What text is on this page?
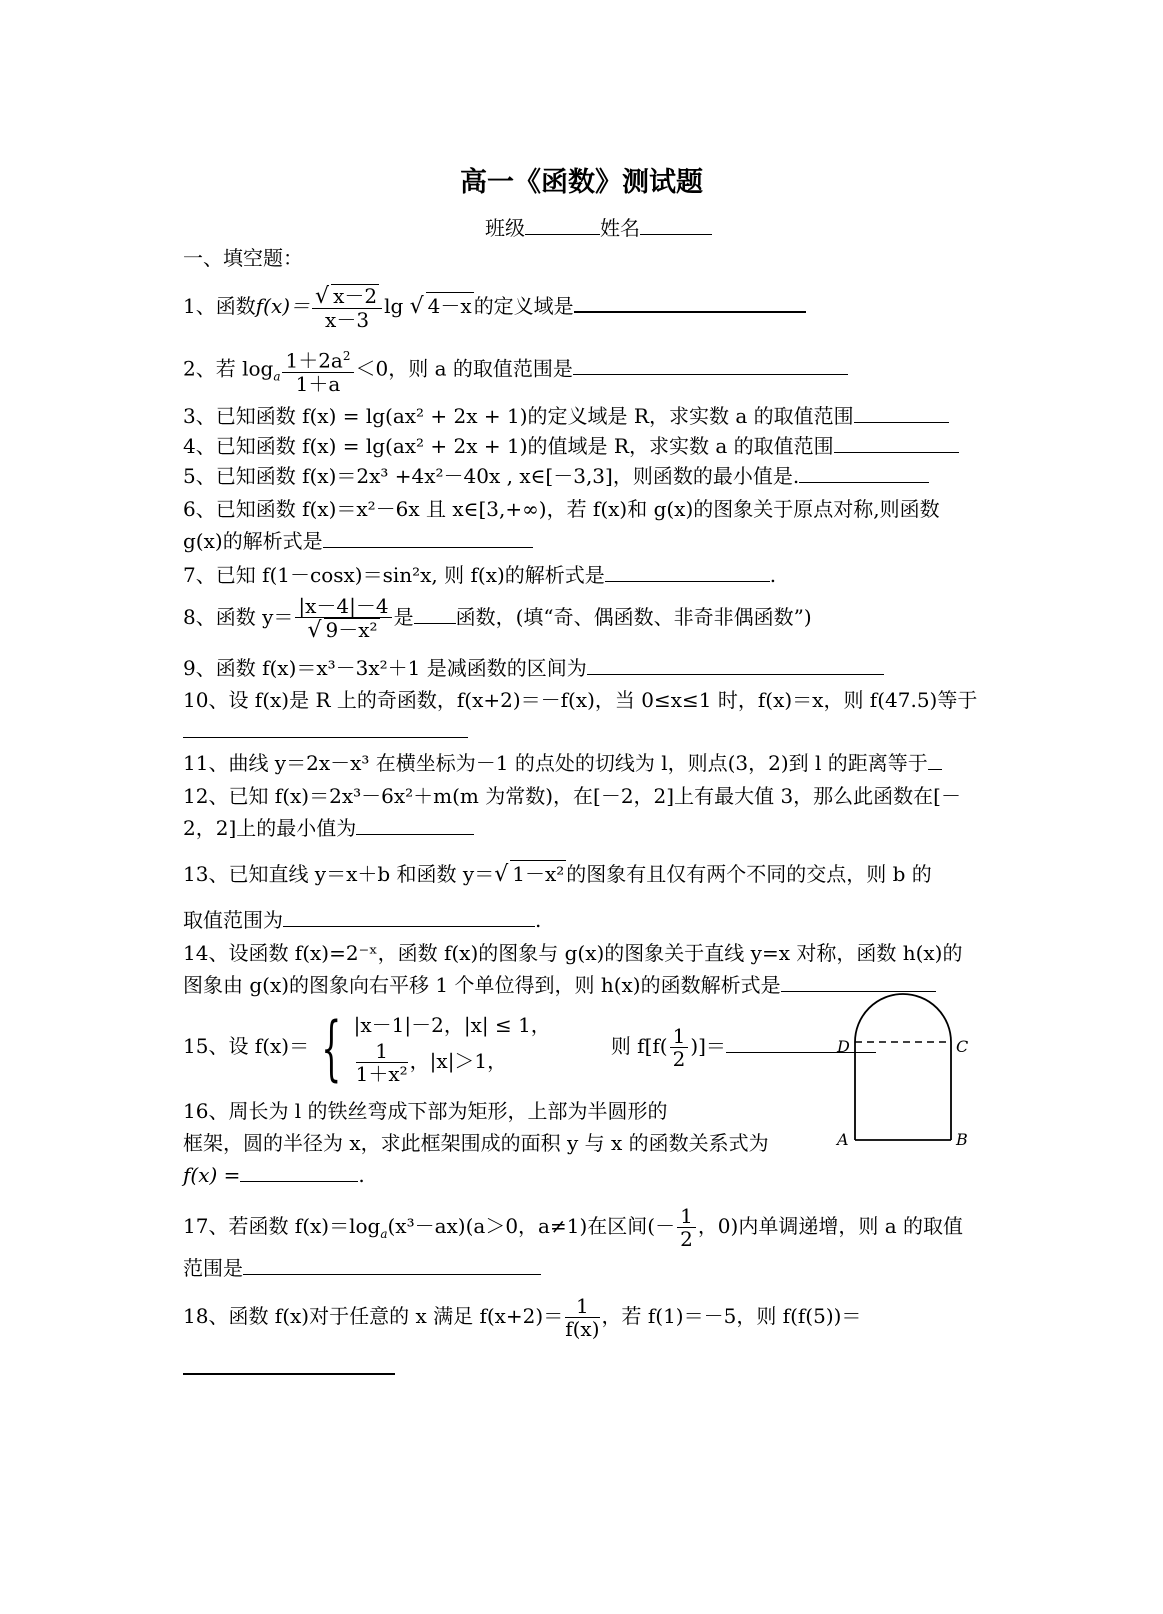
高一《函数》测试题
班级	姓名
一、填空题：
1、函数$f(x)= \frac{√ x-2}{x-3}$ lg √ 4－x 的定义域是
2、若 $\log_a \frac{1+2a^2}{1+a} <0$，则 a 的取值范围是
3、已知函数 f(x) = lg(ax² + 2x + 1)的定义域是 R，求实数 a 的取值范围
4、已知函数 f(x) = lg(ax² + 2x + 1)的值域是 R，求实数 a 的取值范围
5、已知函数 f(x)＝2x³ +4x²－40x , x∈[－3,3]，则函数的最小值是.
6、已知函数 f(x)＝x²－6x 且 x∈[3,+∞)，若 f(x)和 g(x)的图象关于原点对称,则函数
g(x)的解析式是
7、已知 f(1－cosx)＝sin²x, 则 f(x)的解析式是	.
8、函数 $y= \frac{|x-4|-4}{\text{√ 9－x²}}$ 是 函数，(填“奇、偶函数、非奇非偶函数”)
9、函数 f(x)＝x³－3x²＋1 是减函数的区间为
10、设 f(x)是 R 上的奇函数，f(x+2)＝－f(x)，当 0≤x≤1 时，f(x)＝x，则 f(47.5)等于
11、曲线 y＝2x－x³ 在横坐标为－1 的点处的切线为 l，则点(3，2)到 l 的距离等于
12、已知 f(x)＝2x³－6x²＋m(m 为常数)，在[－2，2]上有最大值 3，那么此函数在[－
2，2]上的最小值为
13、已知直线 y＝x＋b 和函数 y＝√ 1－x² 的图象有且仅有两个不同的交点，则 b 的
取值范围为	.
14、设函数 f(x)=2⁻ˣ，函数 f(x)的图象与 g(x)的图象关于直线 y=x 对称，函数 h(x)的
图象由 g(x)的图象向右平移 1 个单位得到，则 h(x)的函数解析式是
15、设 f(x)＝ { |x－1|－2，|x| ≤ 1，
$\frac{1}{\text{1＋x²}}$ ，|x|＞1，
则 $f[f( \frac{1}{2}$ )]＝
16、周长为 l 的铁丝弯成下部为矩形，上部为半圆形的
框架，圆的半径为 x，求此框架围成的面积 y 与 x 的函数关系式为
f(x) =	.
D	C
A	B
17、若函数 $f(x)=\log_a(x^3-ax)(a>0$，a≠1)在区间(－ $\frac{1}{2}$ ，0)内单调递增，则 a 的取值
范围是
18、函数 f(x)对于任意的 x 满足 $f(x+2)= \frac{1}{f(x)}$ ，若 f(1)＝－5，则 f(f(5))＝
